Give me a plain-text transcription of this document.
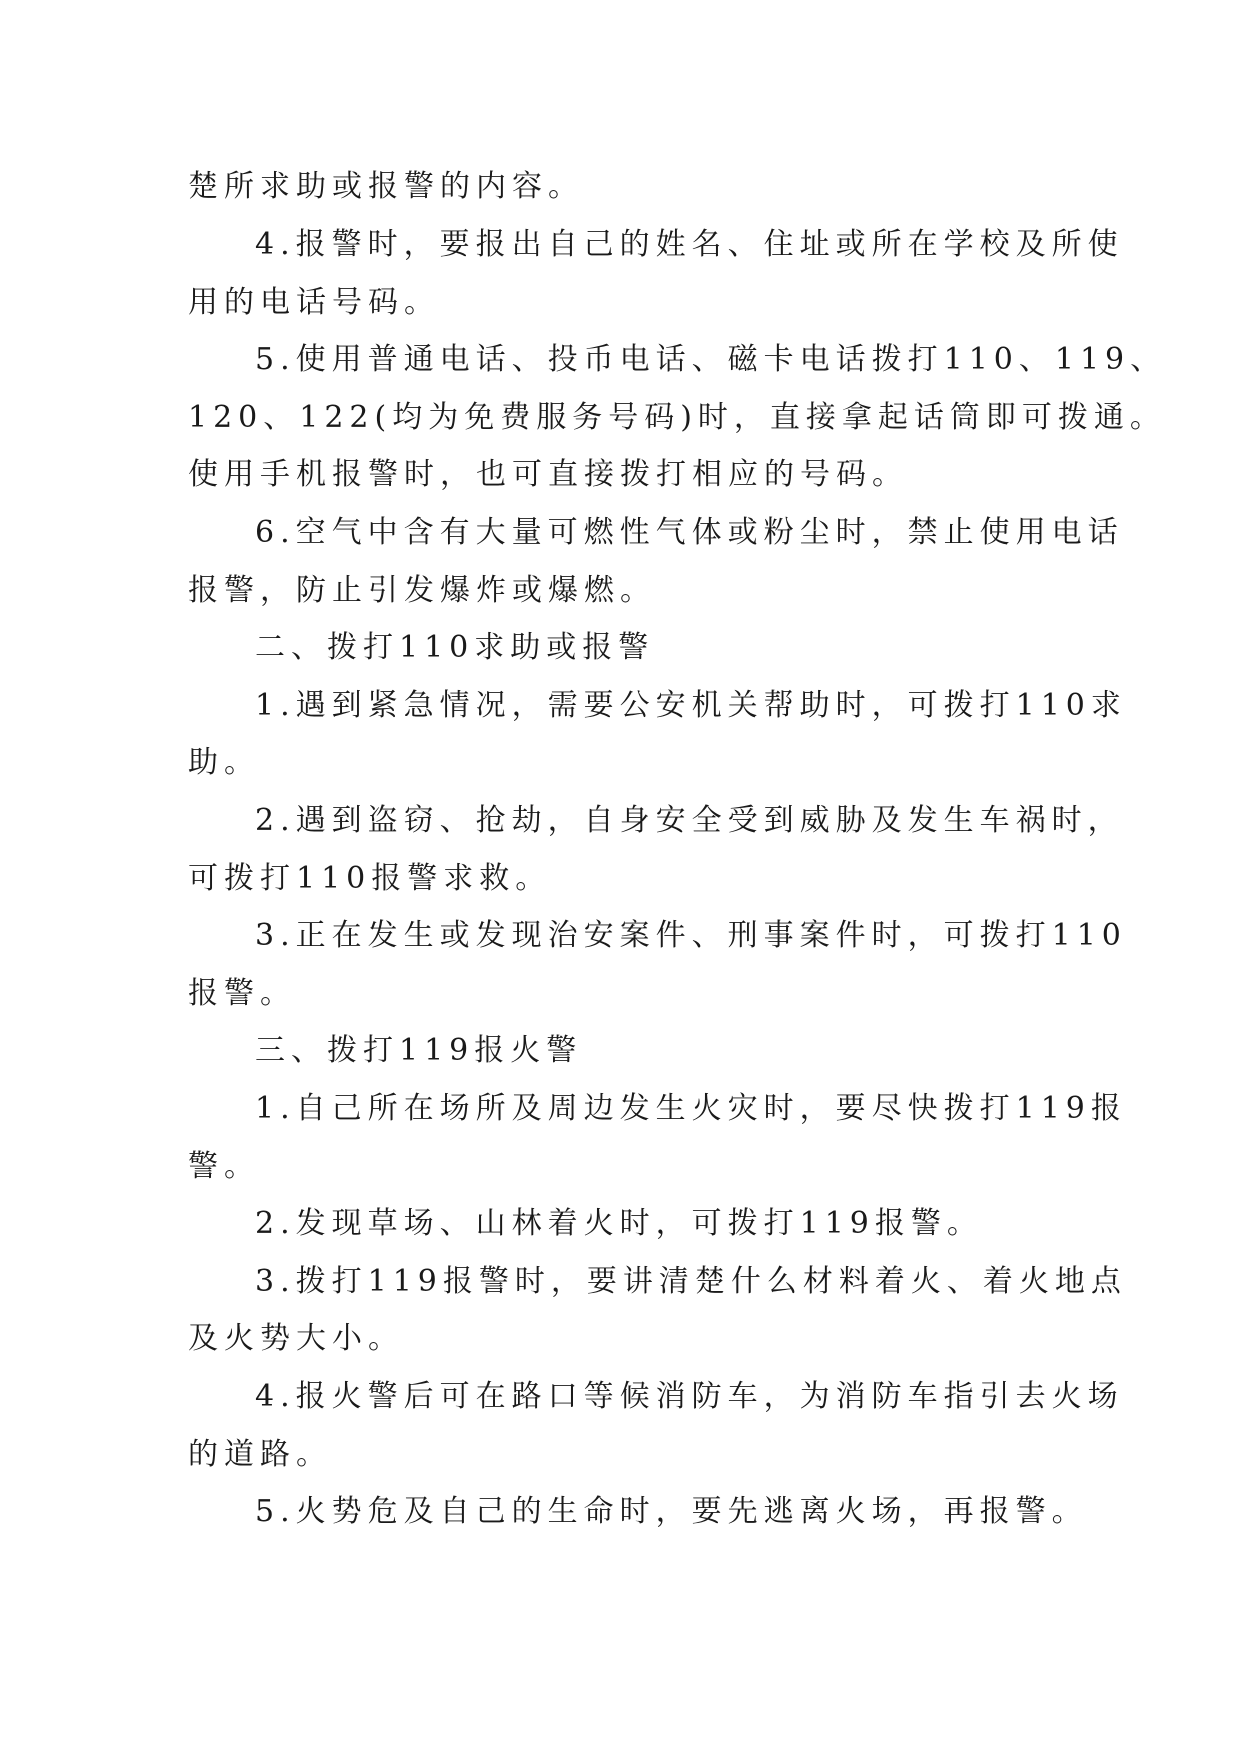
楚所求助或报警的内容。
4.报警时，要报出自己的姓名、住址或所在学校及所使
用的电话号码。
5.使用普通电话、投币电话、磁卡电话拨打110、119、
120、122(均为免费服务号码)时，直接拿起话筒即可拨通。
使用手机报警时，也可直接拨打相应的号码。
6.空气中含有大量可燃性气体或粉尘时，禁止使用电话
报警，防止引发爆炸或爆燃。
二、拨打110求助或报警
1.遇到紧急情况，需要公安机关帮助时，可拨打110求
助。
2.遇到盗窃、抢劫，自身安全受到威胁及发生车祸时，
可拨打110报警求救。
3.正在发生或发现治安案件、刑事案件时，可拨打110
报警。
三、拨打119报火警
1.自己所在场所及周边发生火灾时，要尽快拨打119报
警。
2.发现草场、山林着火时，可拨打119报警。
3.拨打119报警时，要讲清楚什么材料着火、着火地点
及火势大小。
4.报火警后可在路口等候消防车，为消防车指引去火场
的道路。
5.火势危及自己的生命时，要先逃离火场，再报警。
